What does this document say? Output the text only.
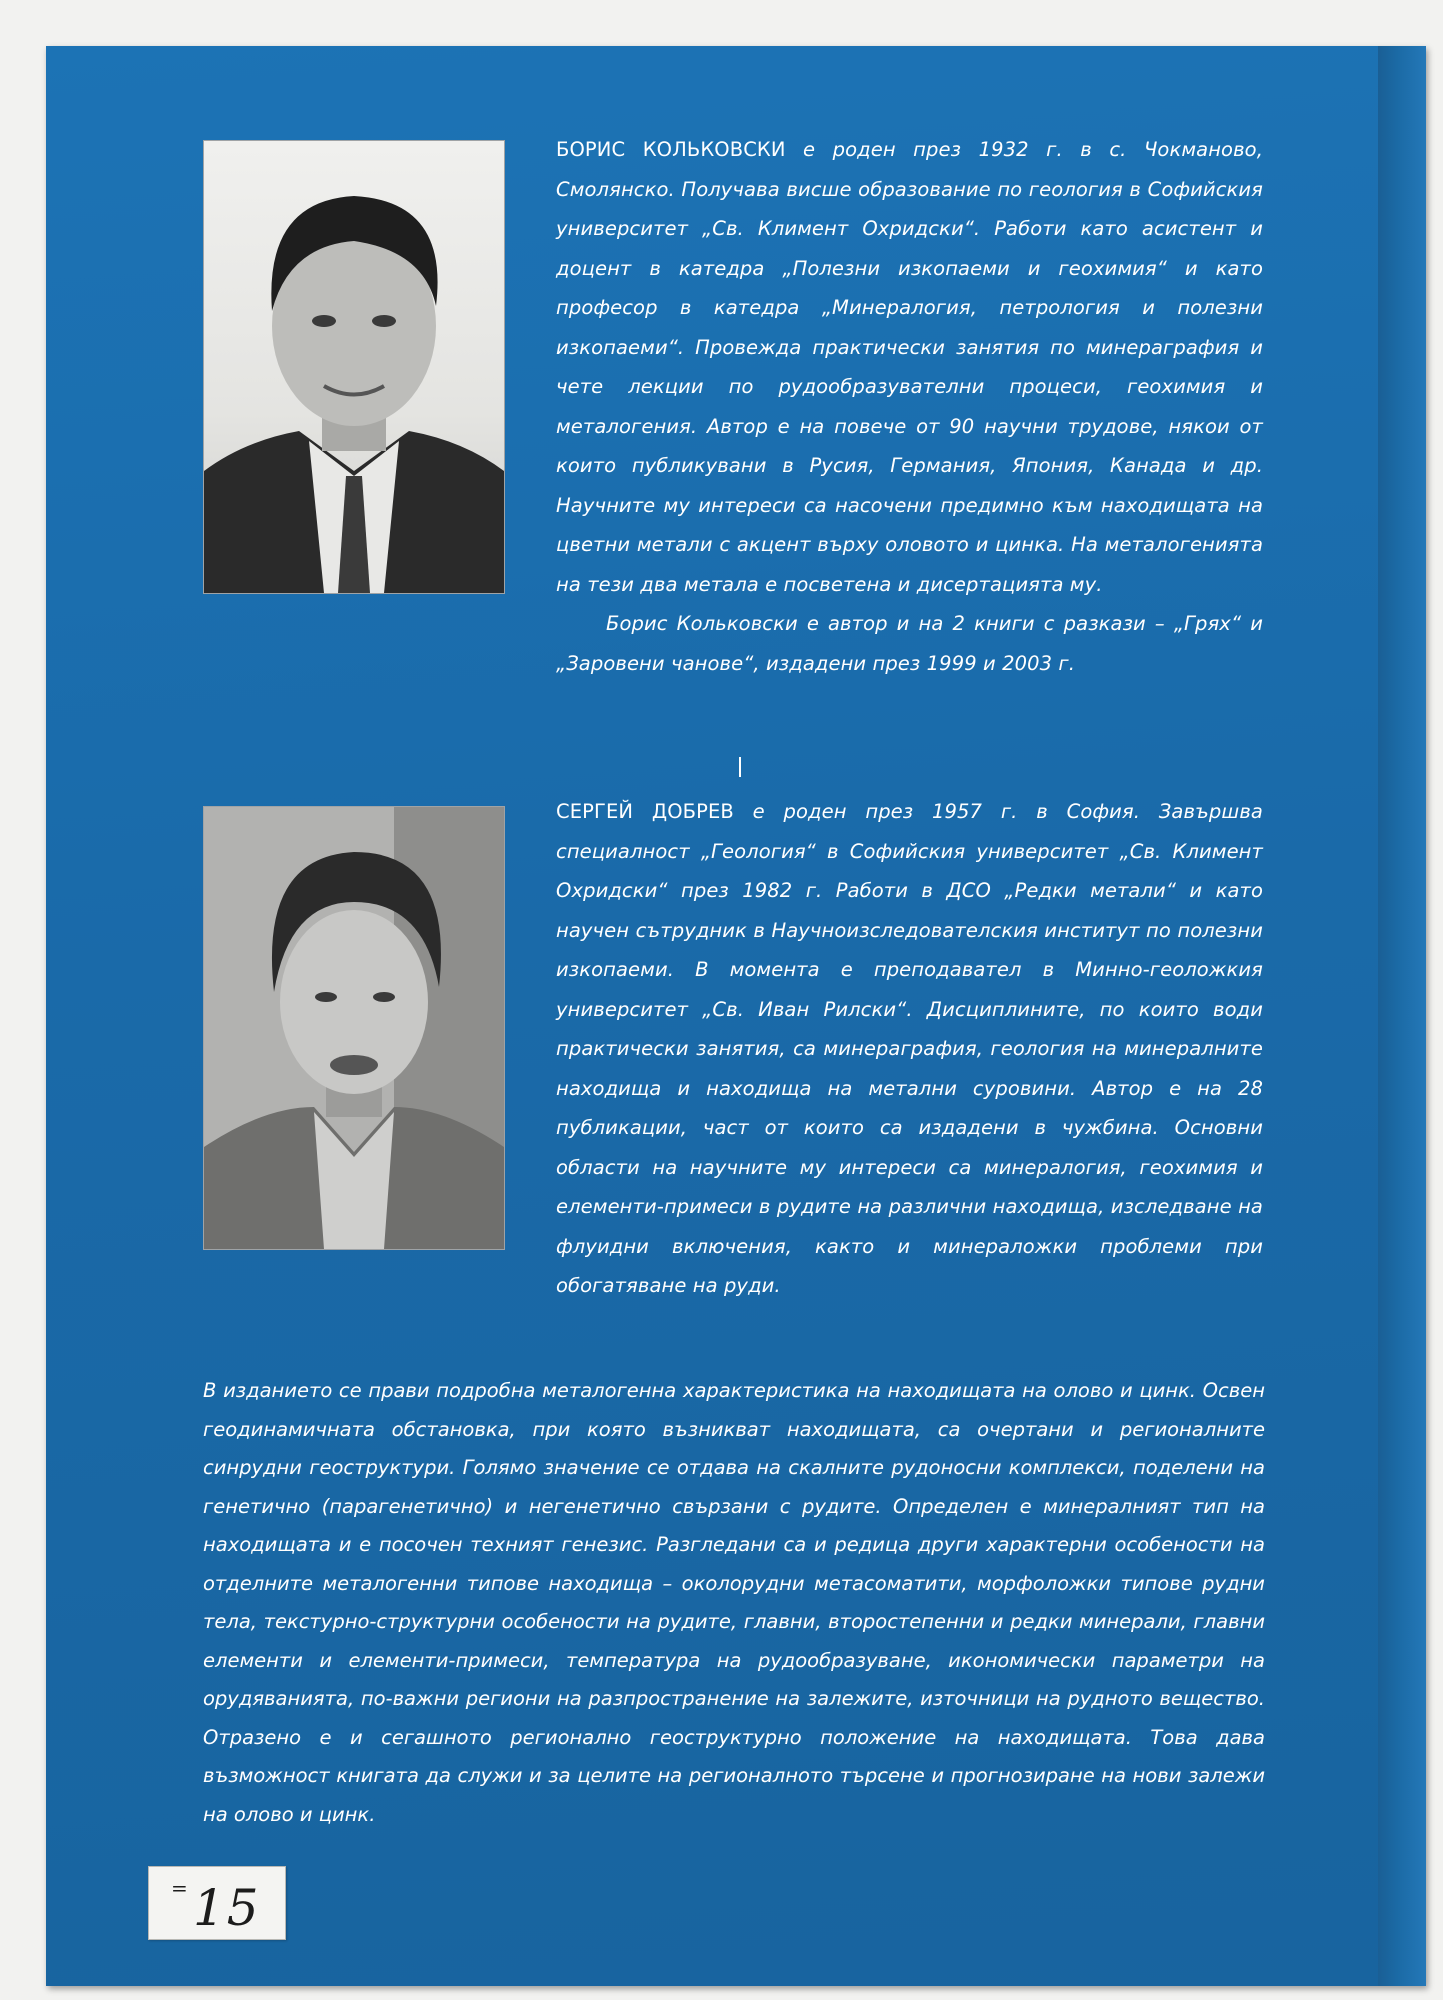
БОРИС КОЛЬКОВСКИ е роден през 1932 г. в с. Чокманово, Смолянско. Получава висше образование по геология в Софийския университет „Св. Климент Охридски“. Работи като асистент и доцент в катедра „Полезни изкопаеми и геохимия“ и като професор в катедра „Минералогия, петрология и полезни изкопаеми“. Провежда практически занятия по минераграфия и чете лекции по рудообразувателни процеси, геохимия и металогения. Автор е на повече от 90 научни трудове, някои от които публикувани в Русия, Германия, Япония, Канада и др. Научните му интереси са насочени предимно към находищата на цветни метали с акцент върху оловото и цинка. На металогенията на тези два метала е посветена и дисертацията му.

Борис Кольковски е автор и на 2 книги с разкази – „Грях“ и „Заровени чанове“, издадени през 1999 и 2003 г.

СЕРГЕЙ ДОБРЕВ е роден през 1957 г. в София. Завършва специалност „Геология“ в Софийския университет „Св. Климент Охридски“ през 1982 г. Работи в ДСО „Редки метали“ и като научен сътрудник в Научноизследователския институт по полезни изкопаеми. В момента е преподавател в Минно-геоложкия университет „Св. Иван Рилски“. Дисциплините, по които води практически занятия, са минераграфия, геология на минералните находища и находища на метални суровини. Автор е на 28 публикации, част от които са издадени в чужбина. Основни области на научните му интереси са минералогия, геохимия и елементи-примеси в рудите на различни находища, изследване на флуидни включения, както и минераложки проблеми при обогатяване на руди.

В изданието се прави подробна металогенна характеристика на находищата на олово и цинк. Освен геодинамичната обстановка, при която възникват находищата, са очертани и регионалните синрудни геоструктури. Голямо значение се отдава на скалните рудоносни комплекси, поделени на генетично (парагенетично) и негенетично свързани с рудите. Определен е минералният тип на находищата и е посочен техният генезис. Разгледани са и редица други характерни особености на отделните металогенни типове находища – околорудни метасоматити, морфоложки типове рудни тела, текстурно-структурни особености на рудите, главни, второстепенни и редки минерали, главни елементи и елементи-примеси, температура на рудообразуване, икономически параметри на орудяванията, по-важни региони на разпространение на залежите, източници на рудното вещество. Отразено е и сегашното регионално геоструктурно положение на находищата. Това дава възможност книгата да служи и за целите на регионалното търсене и прогнозиране на нови залежи на олово и цинк.

15
=
